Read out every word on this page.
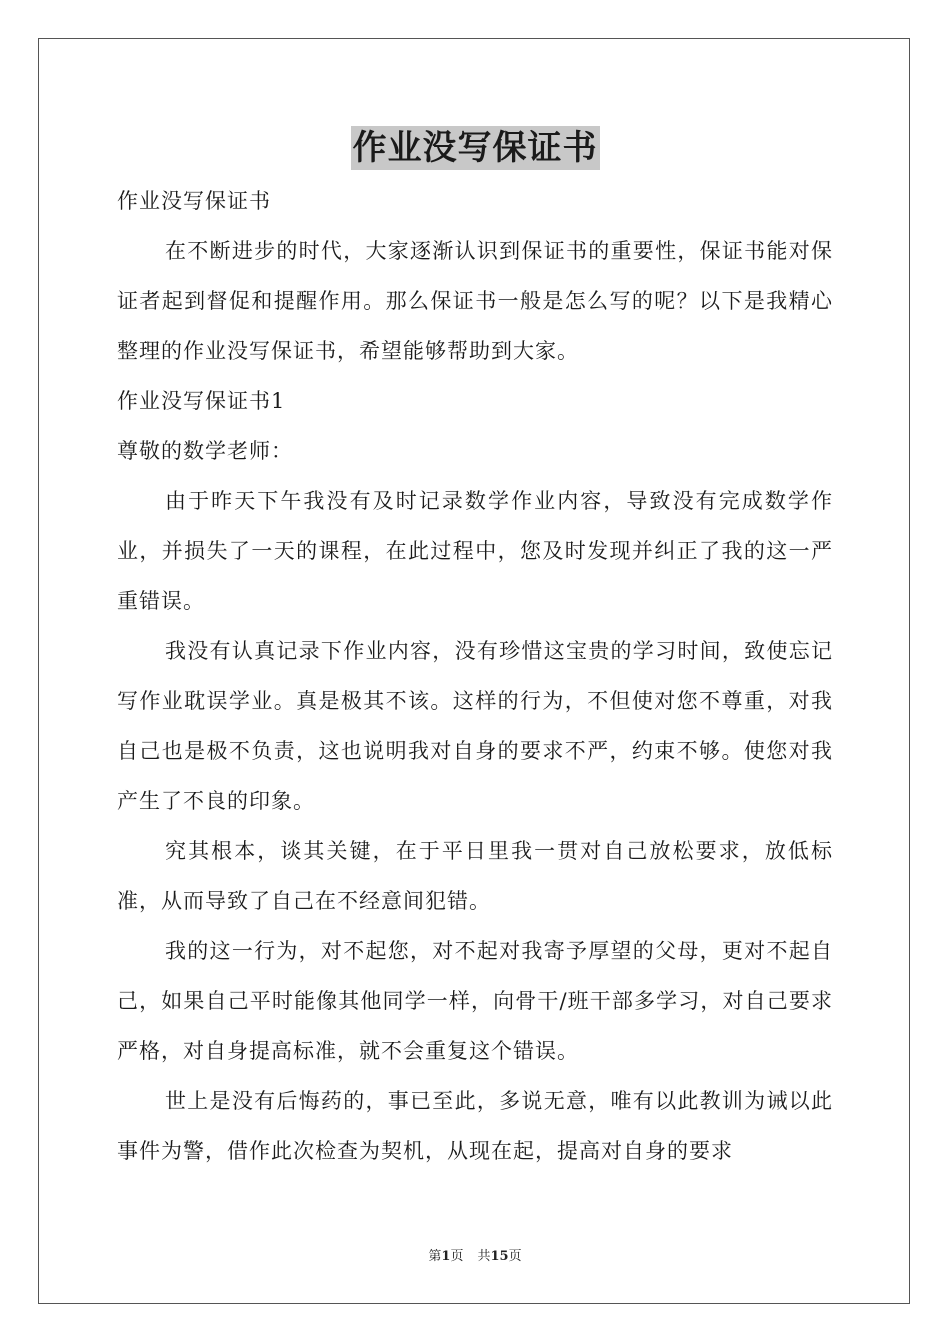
作业没写保证书

作业没写保证书

在不断进步的时代，大家逐渐认识到保证书的重要性，保证书能对保证者起到督促和提醒作用。那么保证书一般是怎么写的呢？以下是我精心整理的作业没写保证书，希望能够帮助到大家。

作业没写保证书1

尊敬的数学老师：

由于昨天下午我没有及时记录数学作业内容，导致没有完成数学作业，并损失了一天的课程，在此过程中，您及时发现并纠正了我的这一严重错误。

我没有认真记录下作业内容，没有珍惜这宝贵的学习时间，致使忘记写作业耽误学业。真是极其不该。这样的行为，不但使对您不尊重，对我自己也是极不负责，这也说明我对自身的要求不严，约束不够。使您对我产生了不良的印象。

究其根本，谈其关键，在于平日里我一贯对自己放松要求，放低标准，从而导致了自己在不经意间犯错。

我的这一行为，对不起您，对不起对我寄予厚望的父母，更对不起自己，如果自己平时能像其他同学一样，向骨干/班干部多学习，对自己要求严格，对自身提高标准，就不会重复这个错误。

世上是没有后悔药的，事已至此，多说无意，唯有以此教训为诫以此事件为警，借作此次检查为契机，从现在起，提高对自身的要求

第1页 共15页
